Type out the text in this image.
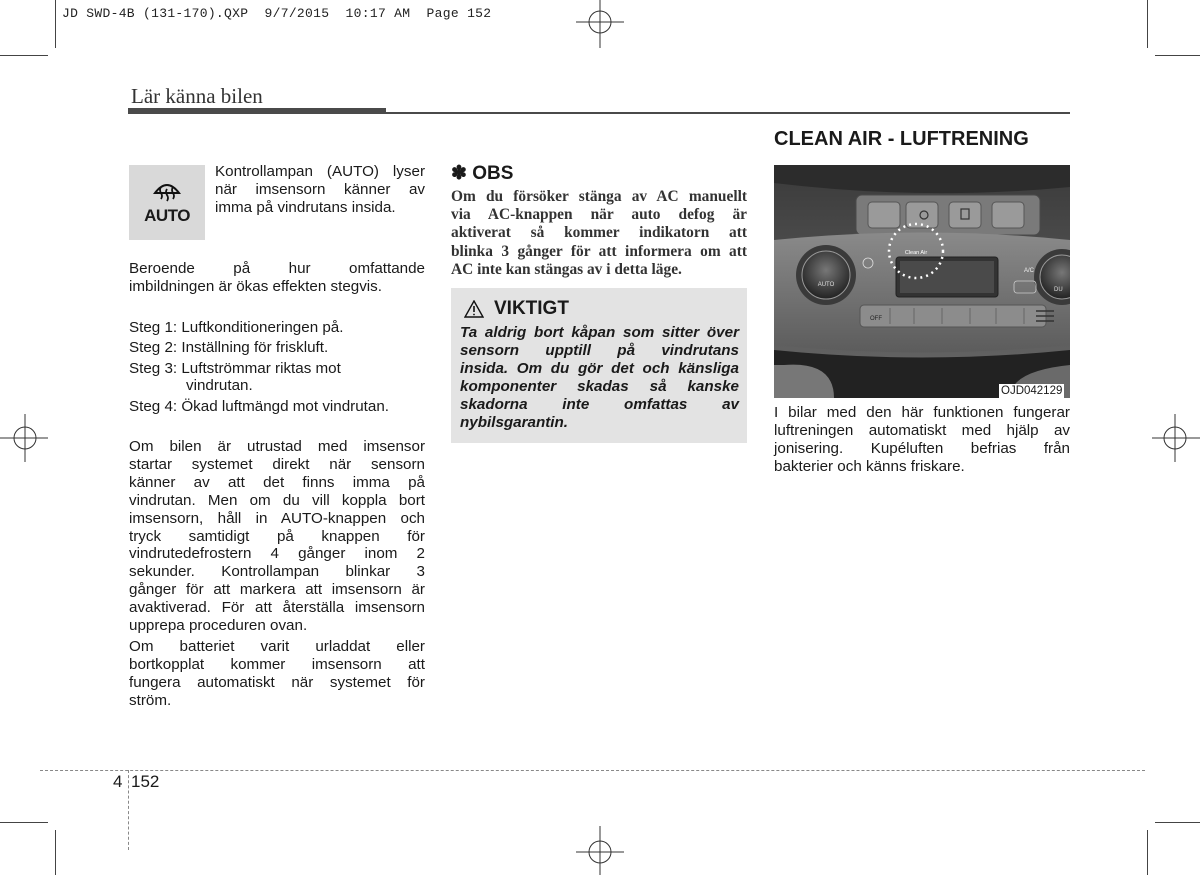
JD SWD-4B (131-170).QXP  9/7/2015  10:17 AM  Page 152
Lär känna bilen
AUTO
Kontrollampan (AUTO) lyser
när imsensorn känner av
imma på vindrutans insida.
Beroende på hur omfattande
imbildningen är ökas effekten stegvis.
Steg 1: Luftkonditioneringen på.
Steg 2: Inställning för friskluft.
Steg 3: Luftströmmar riktas mot
vindrutan.
Steg 4: Ökad luftmängd mot vindrutan.
Om bilen är utrustad med imsensor
startar systemet direkt när sensorn
känner av att det finns imma på
vindrutan. Men om du vill koppla bort
imsensorn, håll in AUTO-knappen och
tryck samtidigt på knappen för
vindrutedefrostern 4 gånger inom 2
sekunder. Kontrollampan blinkar 3
gånger för att markera att imsensorn är
avaktiverad. För att återställa imsensorn
upprepa proceduren ovan.
Om batteriet varit urladdat eller
bortkopplat kommer imsensorn att
fungera automatiskt när systemet för
ström.
✽ OBS
Om du försöker stänga av AC manuellt
via AC-knappen när auto defog är
aktiverat så kommer indikatorn att
blinka 3 gånger för att informera om att
AC inte kan stängas av i detta läge.
VIKTIGT
Ta aldrig bort kåpan som sitter över
sensorn upptill på vindrutans
insida. Om du gör det och känsliga
komponenter skadas så kanske
skadorna inte omfattas av
nybilsgarantin.
CLEAN AIR - LUFTRENING
AUTO
DU
A/C
OFF
Clean Air
OJD042129
I bilar med den här funktionen fungerar
luftreningen automatiskt med hjälp av
jonisering. Kupéluften befrias från
bakterier och känns friskare.
4 152
